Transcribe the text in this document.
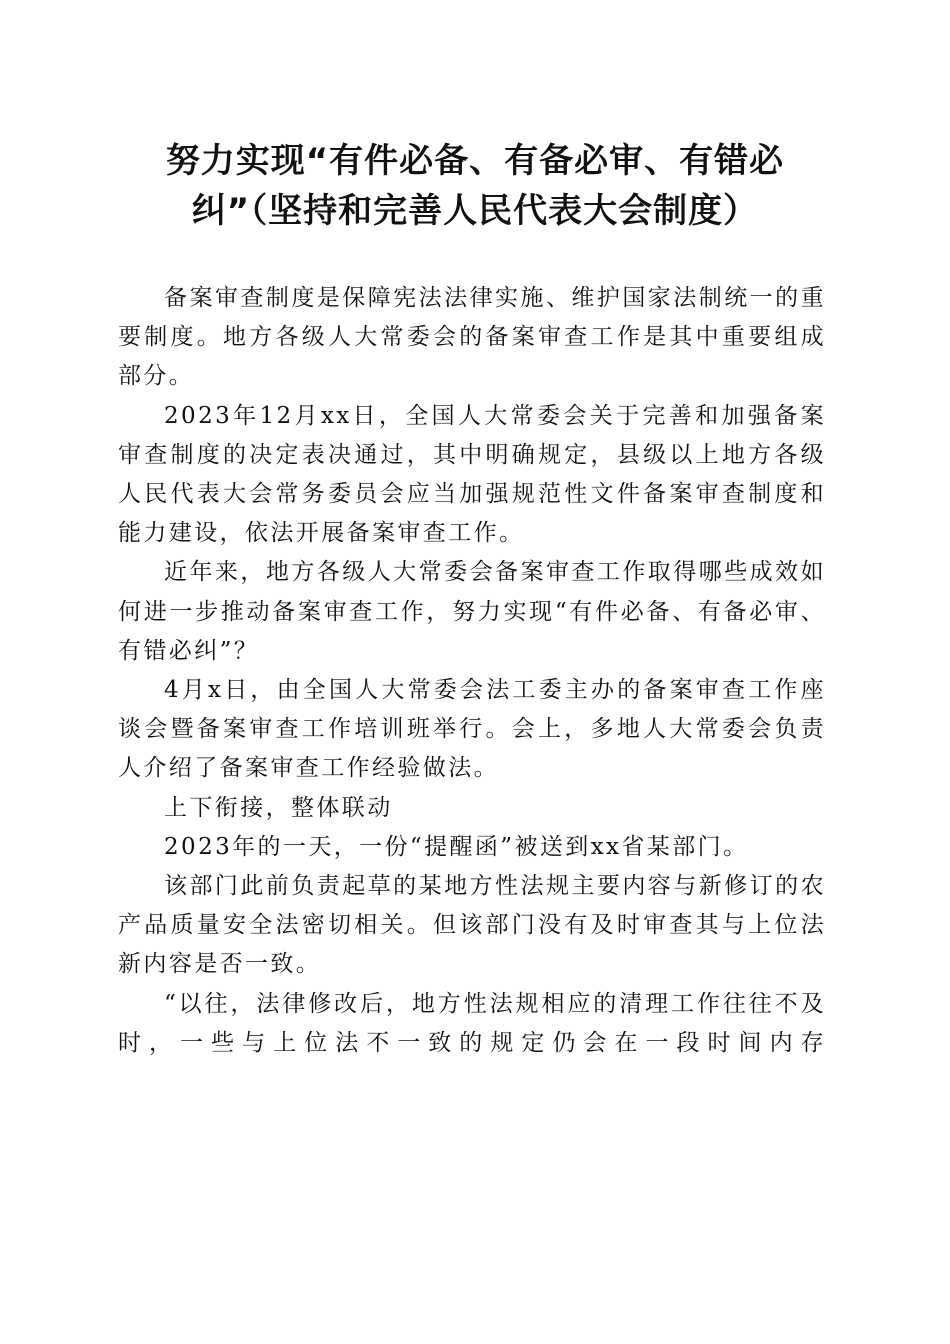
努力实现“有件必备、有备必审、有错必
纠”（坚持和完善人民代表大会制度）

备案审查制度是保障宪法法律实施、维护国家法制统一的重要制度。地方各级人大常委会的备案审查工作是其中重要组成部分。

2023年12月xx日，全国人大常委会关于完善和加强备案审查制度的决定表决通过，其中明确规定，县级以上地方各级人民代表大会常务委员会应当加强规范性文件备案审查制度和能力建设，依法开展备案审查工作。

近年来，地方各级人大常委会备案审查工作取得哪些成效如何进一步推动备案审查工作，努力实现“有件必备、有备必审、有错必纠”？

4月x日，由全国人大常委会法工委主办的备案审查工作座谈会暨备案审查工作培训班举行。会上，多地人大常委会负责人介绍了备案审查工作经验做法。

上下衔接，整体联动

2023年的一天，一份“提醒函”被送到xx省某部门。

该部门此前负责起草的某地方性法规主要内容与新修订的农产品质量安全法密切相关。但该部门没有及时审查其与上位法新内容是否一致。

“以往，法律修改后，地方性法规相应的清理工作往往不及时，一些与上位法不一致的规定仍会在一段时间内存
